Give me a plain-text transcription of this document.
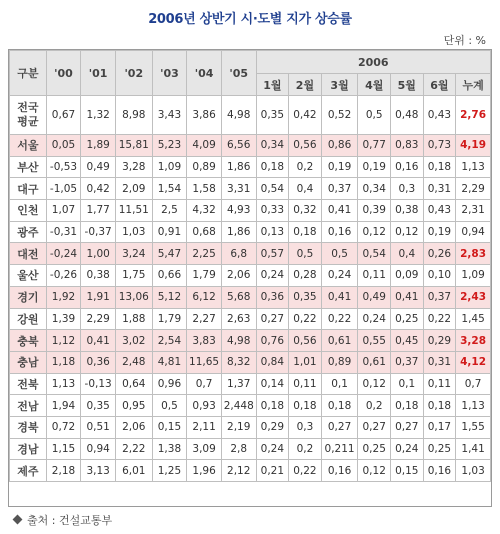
2006년 상반기 시·도별 지가 상승률
단위 : %
구분	'00	'01	'02	'03	'04	'05	2006						
							1월	2월	3월	4월	5월	6월	누계
전국 평균	0,67	1,32	8,98	3,43	3,86	4,98	0,35	0,42	0,52	0,5	0,48	0,43	2,76
서울	0,05	1,89	15,81	5,23	4,09	6,56	0,34	0,56	0,86	0,77	0,83	0,73	4,19
부산	-0,53	0,49	3,28	1,09	0,89	1,86	0,18	0,2	0,19	0,19	0,16	0,18	1,13
대구	-1,05	0,42	2,09	1,54	1,58	3,31	0,54	0,4	0,37	0,34	0,3	0,31	2,29
인천	1,07	1,77	11,51	2,5	4,32	4,93	0,33	0,32	0,41	0,39	0,38	0,43	2,31
광주	-0,31	-0,37	1,03	0,91	0,68	1,86	0,13	0,18	0,16	0,12	0,12	0,19	0,94
대전	-0,24	1,00	3,24	5,47	2,25	6,8	0,57	0,5	0,5	0,54	0,4	0,26	2,83
울산	-0,26	0,38	1,75	0,66	1,79	2,06	0,24	0,28	0,24	0,11	0,09	0,10	1,09
경기	1,92	1,91	13,06	5,12	6,12	5,68	0,36	0,35	0,41	0,49	0,41	0,37	2,43
강원	1,39	2,29	1,88	1,79	2,27	2,63	0,27	0,22	0,22	0,24	0,25	0,22	1,45
충북	1,12	0,41	3,02	2,54	3,83	4,98	0,76	0,56	0,61	0,55	0,45	0,29	3,28
충남	1,18	0,36	2,48	4,81	11,65	8,32	0,84	1,01	0,89	0,61	0,37	0,31	4,12
전북	1,13	-0,13	0,64	0,96	0,7	1,37	0,14	0,11	0,1	0,12	0,1	0,11	0,7
전남	1,94	0,35	0,95	0,5	0,93	2,448	0,18	0,18	0,18	0,2	0,18	0,18	1,13
경북	0,72	0,51	2,06	0,15	2,11	2,19	0,29	0,3	0,27	0,27	0,27	0,17	1,55
경남	1,15	0,94	2,22	1,38	3,09	2,8	0,24	0,2	0,211	0,25	0,24	0,25	1,41
제주	2,18	3,13	6,01	1,25	1,96	2,12	0,21	0,22	0,16	0,12	0,15	0,16	1,03
출처 : 건설교통부
